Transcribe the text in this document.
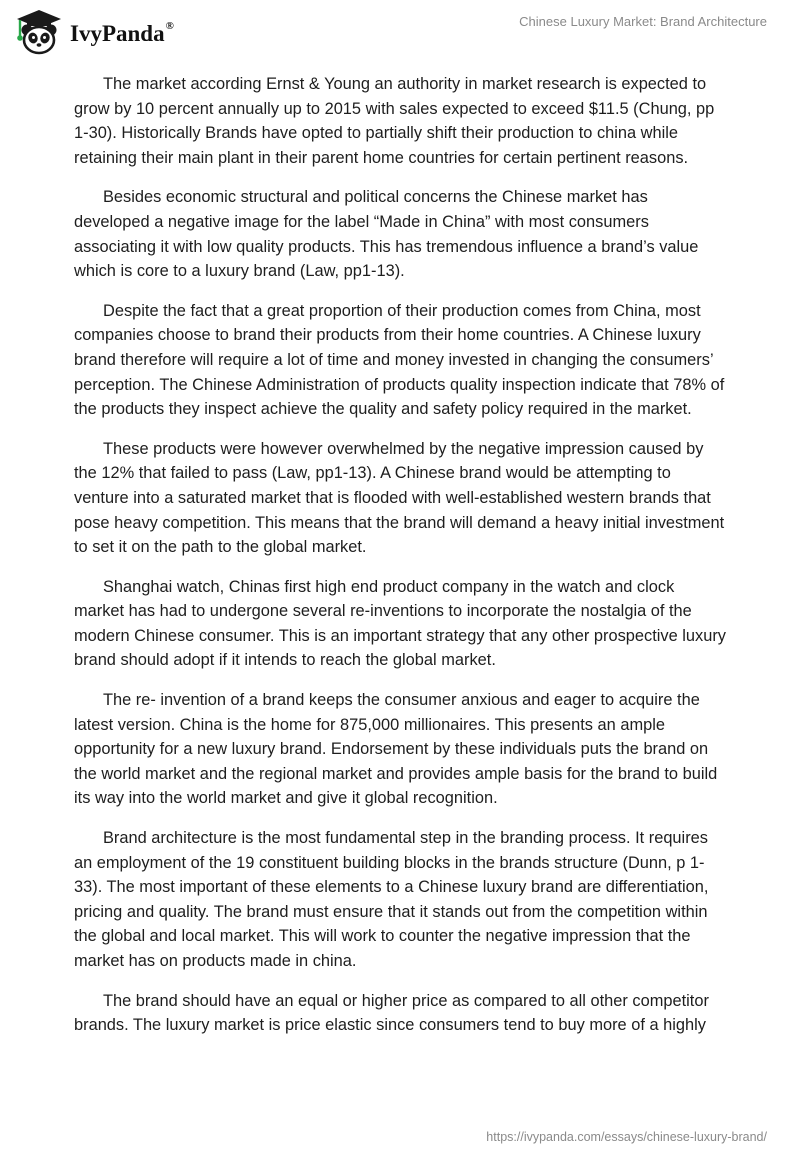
IvyPanda®	Chinese Luxury Market: Brand Architecture

The market according Ernst & Young an authority in market research is expected to grow by 10 percent annually up to 2015 with sales expected to exceed $11.5 (Chung, pp 1-30). Historically Brands have opted to partially shift their production to china while retaining their main plant in their parent home countries for certain pertinent reasons.

Besides economic structural and political concerns the Chinese market has developed a negative image for the label “Made in China” with most consumers associating it with low quality products. This has tremendous influence a brand’s value which is core to a luxury brand (Law, pp1-13).

Despite the fact that a great proportion of their production comes from China, most companies choose to brand their products from their home countries. A Chinese luxury brand therefore will require a lot of time and money invested in changing the consumers’ perception. The Chinese Administration of products quality inspection indicate that 78% of the products they inspect achieve the quality and safety policy required in the market.

These products were however overwhelmed by the negative impression caused by the 12% that failed to pass (Law, pp1-13). A Chinese brand would be attempting to venture into a saturated market that is flooded with well-established western brands that pose heavy competition. This means that the brand will demand a heavy initial investment to set it on the path to the global market.

Shanghai watch, Chinas first high end product company in the watch and clock market has had to undergone several re-inventions to incorporate the nostalgia of the modern Chinese consumer. This is an important strategy that any other prospective luxury brand should adopt if it intends to reach the global market.

The re- invention of a brand keeps the consumer anxious and eager to acquire the latest version. China is the home for 875,000 millionaires. This presents an ample opportunity for a new luxury brand. Endorsement by these individuals puts the brand on the world market and the regional market and provides ample basis for the brand to build its way into the world market and give it global recognition.

Brand architecture is the most fundamental step in the branding process. It requires an employment of the 19 constituent building blocks in the brands structure (Dunn, p 1-33). The most important of these elements to a Chinese luxury brand are differentiation, pricing and quality. The brand must ensure that it stands out from the competition within the global and local market. This will work to counter the negative impression that the market has on products made in china.

The brand should have an equal or higher price as compared to all other competitor brands. The luxury market is price elastic since consumers tend to buy more of a highly

https://ivypanda.com/essays/chinese-luxury-brand/
